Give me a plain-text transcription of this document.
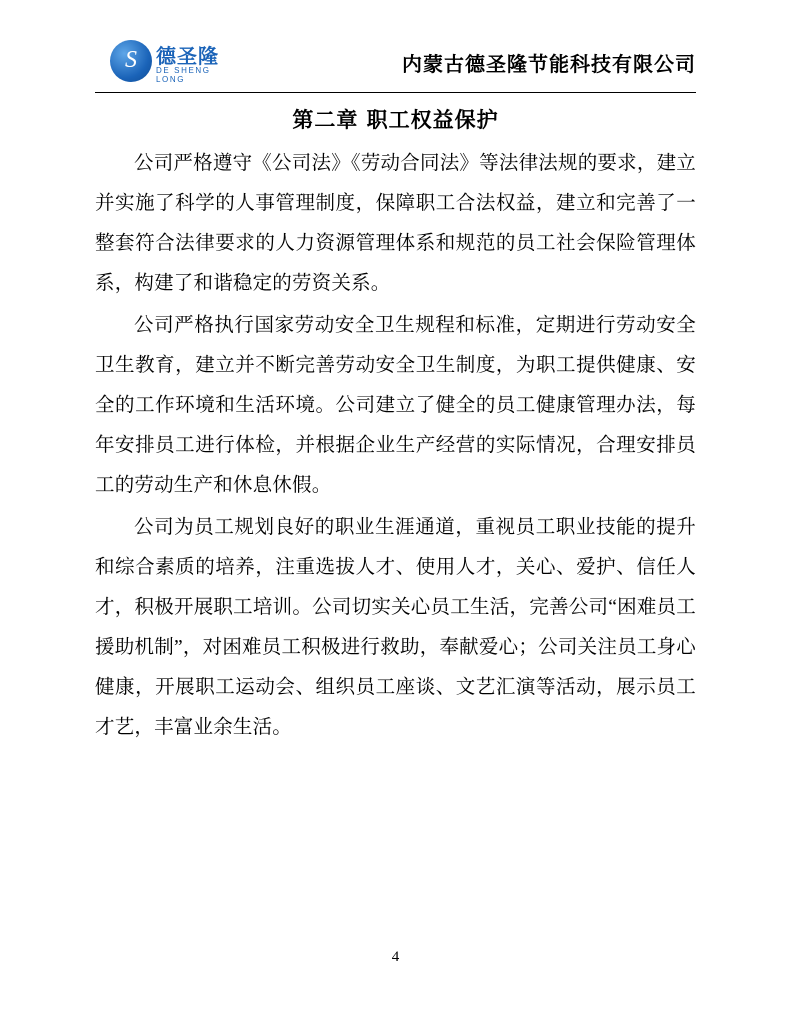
S 德圣隆
DE SHENG LONG
内蒙古德圣隆节能科技有限公司
第二章 职工权益保护

公司严格遵守《公司法》《劳动合同法》等法律法规的要求，建立并实施了科学的人事管理制度，保障职工合法权益，建立和完善了一整套符合法律要求的人力资源管理体系和规范的员工社会保险管理体系，构建了和谐稳定的劳资关系。

公司严格执行国家劳动安全卫生规程和标准，定期进行劳动安全卫生教育，建立并不断完善劳动安全卫生制度，为职工提供健康、安全的工作环境和生活环境。公司建立了健全的员工健康管理办法，每年安排员工进行体检，并根据企业生产经营的实际情况，合理安排员工的劳动生产和休息休假。

公司为员工规划良好的职业生涯通道，重视员工职业技能的提升和综合素质的培养，注重选拔人才、使用人才，关心、爱护、信任人才，积极开展职工培训。公司切实关心员工生活，完善公司“困难员工援助机制”，对困难员工积极进行救助，奉献爱心；公司关注员工身心健康，开展职工运动会、组织员工座谈、文艺汇演等活动，展示员工才艺，丰富业余生活。

4
